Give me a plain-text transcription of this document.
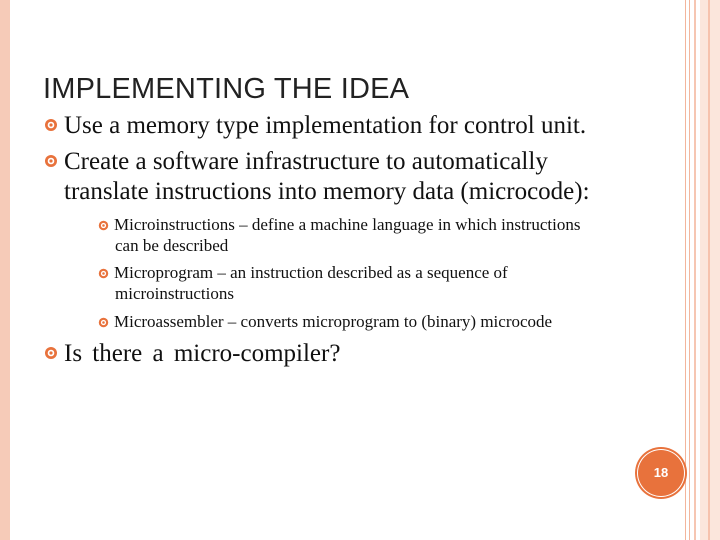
IMPLEMENTING THE IDEA
Use a memory type implementation for control unit.
Create a software infrastructure to automatically
translate instructions into memory data (microcode):
Microinstructions – define a machine language in which instructions
can be described
Microprogram – an instruction described as a sequence of
microinstructions
Microassembler – converts microprogram to (binary) microcode
Is there a micro-compiler?
18
